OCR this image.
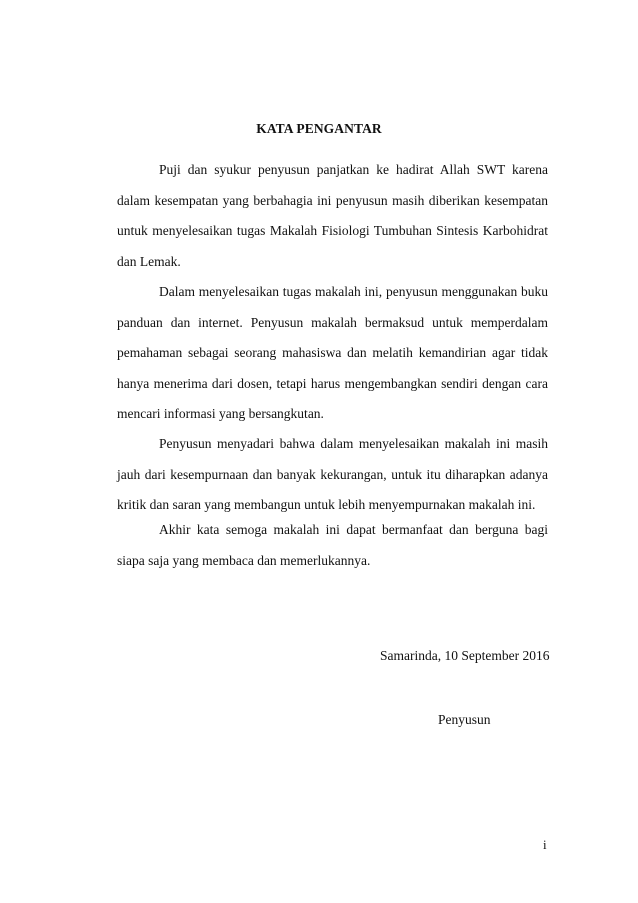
KATA PENGANTAR

Puji dan syukur penyusun panjatkan ke hadirat Allah SWT karena dalam kesempatan yang berbahagia ini penyusun masih diberikan kesempatan untuk menyelesaikan tugas Makalah Fisiologi Tumbuhan Sintesis Karbohidrat dan Lemak.

Dalam menyelesaikan tugas makalah ini, penyusun menggunakan buku panduan dan internet. Penyusun makalah bermaksud untuk memperdalam pemahaman sebagai seorang mahasiswa dan melatih kemandirian agar tidak hanya menerima dari dosen, tetapi harus mengembangkan sendiri dengan cara mencari informasi yang bersangkutan.

Penyusun menyadari bahwa dalam menyelesaikan makalah ini masih jauh dari kesempurnaan dan banyak kekurangan, untuk itu diharapkan adanya kritik dan saran yang membangun untuk lebih menyempurnakan makalah ini.

Akhir kata semoga makalah ini dapat bermanfaat dan berguna bagi siapa saja yang membaca dan memerlukannya.

Samarinda, 10 September 2016
Penyusun
i
